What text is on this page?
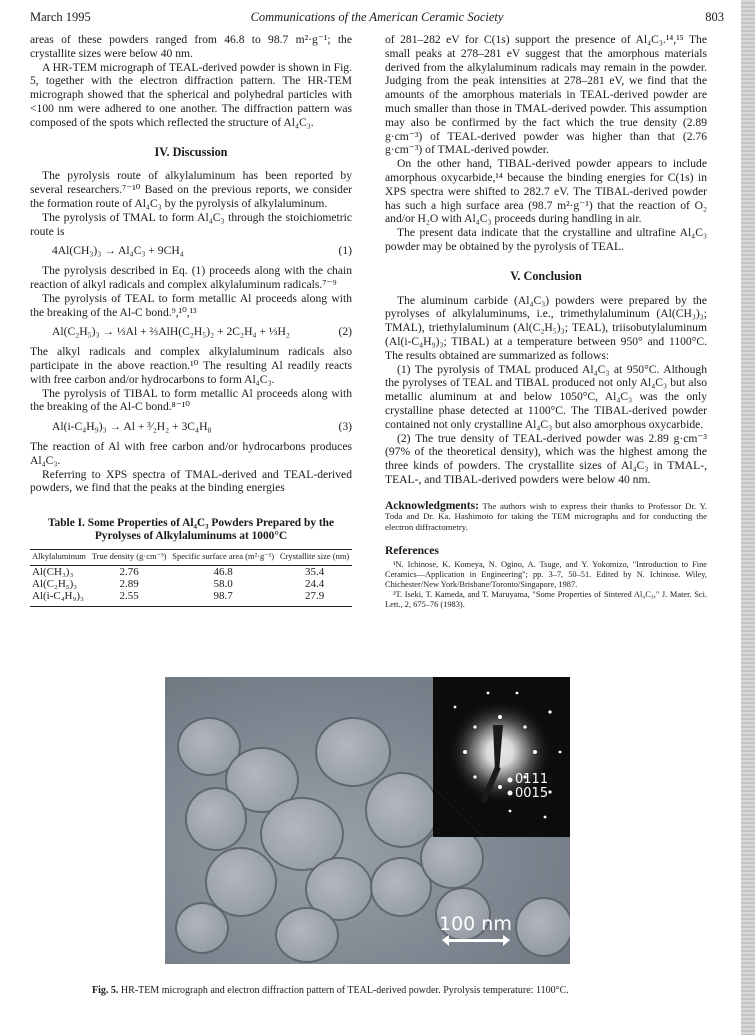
March 1995	Communications of the American Ceramic Society	803

areas of these powders ranged from 46.8 to 98.7 m²·g⁻¹; the crystallite sizes were below 40 nm.

A HR-TEM micrograph of TEAL-derived powder is shown in Fig. 5, together with the electron diffraction pattern. The HR-TEM micrograph showed that the spherical and polyhedral particles with <100 nm were adhered to one another. The diffraction pattern was composed of the spots which reflected the structure of Al₄C₃.

IV. Discussion

The pyrolysis route of alkylaluminum has been reported by several researchers.⁷⁻¹⁰ Based on the previous reports, we consider the formation route of Al₄C₃ by the pyrolysis of alkylaluminum.

The pyrolysis of TMAL to form Al₄C₃ through the stoichiometric route is

4Al(CH₃)₃ → Al₄C₃ + 9CH₄	(1)

The pyrolysis described in Eq. (1) proceeds along with the chain reaction of alkyl radicals and complex alkylaluminum radicals.⁷⁻⁹

The pyrolysis of TEAL to form metallic Al proceeds along with the breaking of the Al-C bond.⁹,¹⁰,¹³

Al(C₂H₅)₃ → ⅓Al + ⅔AlH(C₂H₅)₂ + 2C₂H₄ + ⅓H₂	(2)

The alkyl radicals and complex alkylaluminum radicals also participate in the above reaction.¹⁰ The resulting Al readily reacts with free carbon and/or hydrocarbons to form Al₄C₃.

The pyrolysis of TIBAL to form metallic Al proceeds along with the breaking of the Al-C bond.⁸⁻¹⁰

Al(i-C₄H₉)₃ → Al + ³⁄₂H₂ + 3C₄H₈	(3)

The reaction of Al with free carbon and/or hydrocarbons produces Al₄C₃.

Referring to XPS spectra of TMAL-derived and TEAL-derived powders, we find that the peaks at the binding energies

Table I. Some Properties of Al₄C₃ Powders Prepared by the Pyrolyses of Alkylaluminums at 1000°C
Alkylaluminum	True density (g·cm⁻³)	Specific surface area (m²·g⁻¹)	Crystallite size (nm)
Al(CH₃)₃	2.76	46.8	35.4
Al(C₂H₅)₃	2.89	58.0	24.4
Al(i-C₄H₉)₃	2.55	98.7	27.9

of 281–282 eV for C(1s) support the presence of Al₄C₃.¹⁴,¹⁵ The small peaks at 278–281 eV suggest that the amorphous materials derived from the alkylaluminum radicals may remain in the powder. Judging from the peak intensities at 278–281 eV, we find that the amounts of the amorphous materials in TEAL-derived powder are much smaller than those in TMAL-derived powder. This assumption may also be confirmed by the fact which the true density (2.89 g·cm⁻³) of TEAL-derived powder was higher than that (2.76 g·cm⁻³) of TMAL-derived powder.

On the other hand, TIBAL-derived powder appears to include amorphous oxycarbide,¹⁴ because the binding energies for C(1s) in XPS spectra were shifted to 282.7 eV. The TIBAL-derived powder has such a high surface area (98.7 m²·g⁻¹) that the reaction of O₂ and/or H₂O with Al₄C₃ proceeds during handling in air.

The present data indicate that the crystalline and ultrafine Al₄C₃ powder may be obtained by the pyrolysis of TEAL.

V. Conclusion

The aluminum carbide (Al₄C₃) powders were prepared by the pyrolyses of alkylaluminums, i.e., trimethylaluminum (Al(CH₃)₃; TMAL), triethylaluminum (Al(C₂H₅)₃; TEAL), triisobutylaluminum (Al(i-C₄H₉)₃; TIBAL) at a temperature between 950° and 1100°C. The results obtained are summarized as follows:

(1) The pyrolysis of TMAL produced Al₄C₃ at 950°C. Although the pyrolyses of TEAL and TIBAL produced not only Al₄C₃ but also metallic aluminum at and below 1050°C, Al₄C₃ was the only crystalline phase detected at 1100°C. The TIBAL-derived powder contained not only crystalline Al₄C₃ but also amorphous oxycarbide.

(2) The true density of TEAL-derived powder was 2.89 g·cm⁻³ (97% of the theoretical density), which was the highest among the three kinds of powders. The crystallite sizes of Al₄C₃ in TMAL-, TEAL-, and TIBAL-derived powders were below 40 nm.

Acknowledgments: The authors wish to express their thanks to Professor Dr. Y. Toda and Dr. Ka. Hashimoto for taking the TEM micrographs and for conducting the electron diffractometry.
References

¹N. Ichinose, K. Komeya, N. Ogino, A. Tsuge, and Y. Yokomizo, "Introduction to Fine Ceramics—Application in Engineering"; pp. 3–7, 50–51. Edited by N. Ichinose. Wiley, Chichester/New York/Brisbane/Toronto/Singapore, 1987.

²T. Iseki, T. Kameda, and T. Maruyama, "Some Properties of Sintered Al₄C₃," J. Mater. Sci. Lett., 2, 675–76 (1983).

0111
0015
100 nm
Fig. 5. HR-TEM micrograph and electron diffraction pattern of TEAL-derived powder. Pyrolysis temperature: 1100°C.
